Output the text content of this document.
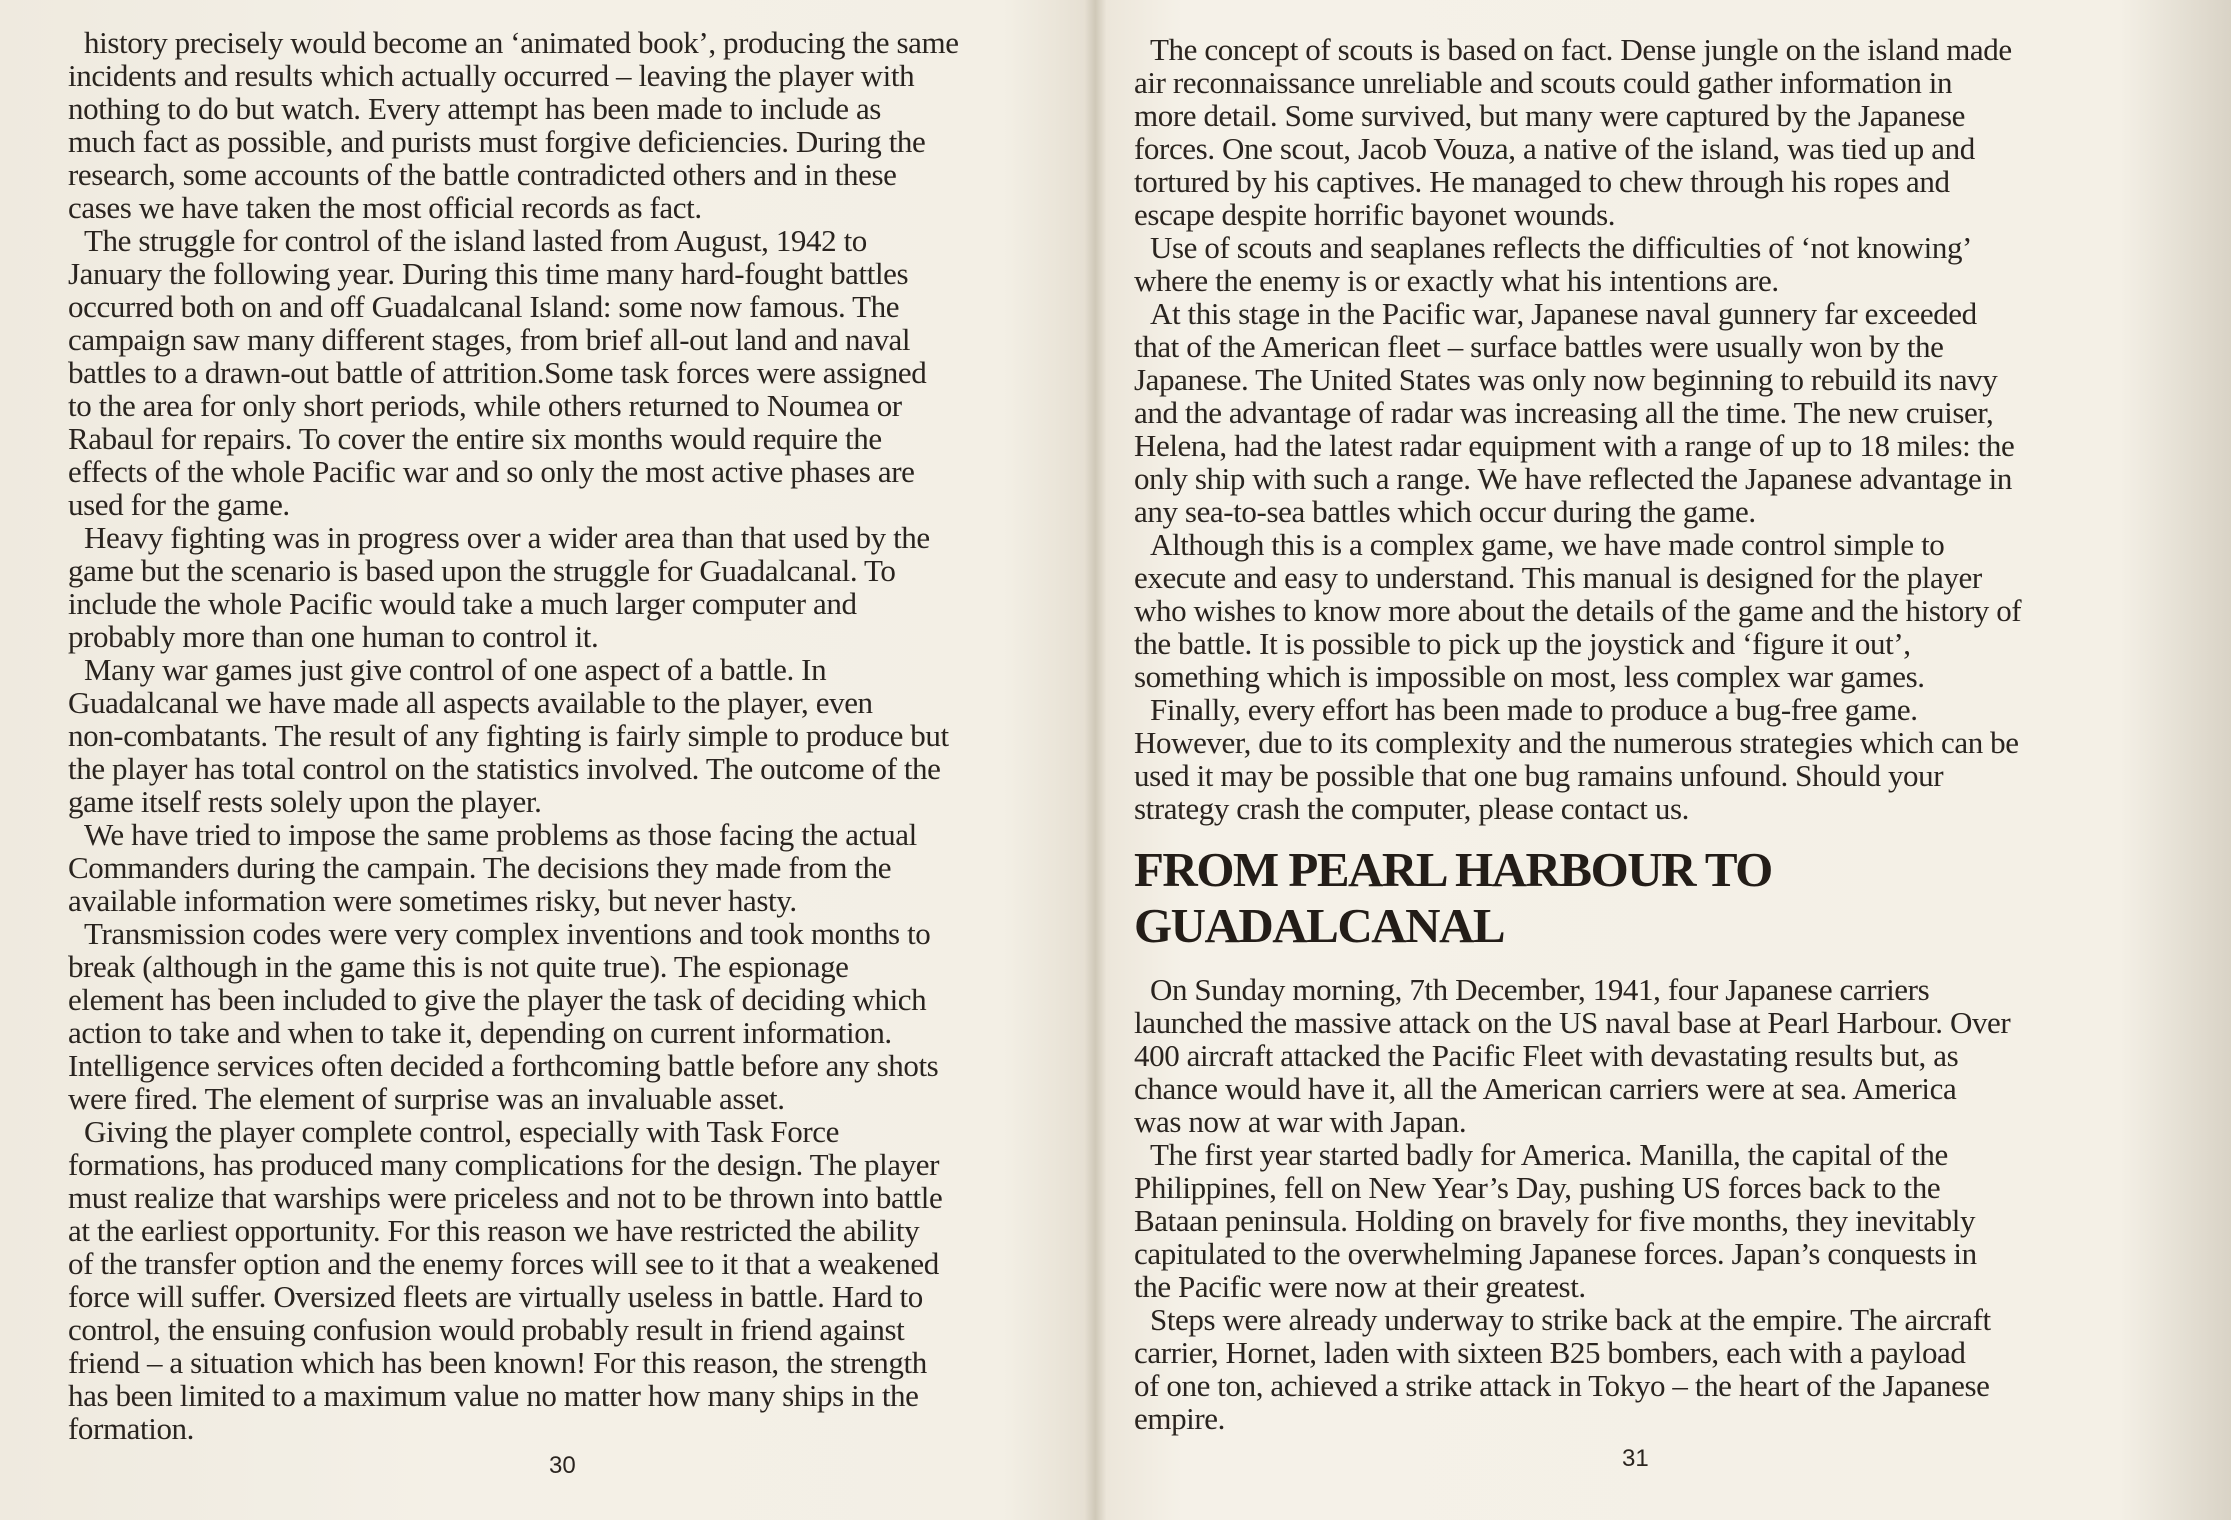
history precisely would become an ‘animated book’, producing the same
incidents and results which actually occurred – leaving the player with
nothing to do but watch. Every attempt has been made to include as
much fact as possible, and purists must forgive deficiencies. During the
research, some accounts of the battle contradicted others and in these
cases we have taken the most official records as fact.
The struggle for control of the island lasted from August, 1942 to
January the following year. During this time many hard-fought battles
occurred both on and off Guadalcanal Island: some now famous. The
campaign saw many different stages, from brief all-out land and naval
battles to a drawn-out battle of attrition.Some task forces were assigned
to the area for only short periods, while others returned to Noumea or
Rabaul for repairs. To cover the entire six months would require the
effects of the whole Pacific war and so only the most active phases are
used for the game.
Heavy fighting was in progress over a wider area than that used by the
game but the scenario is based upon the struggle for Guadalcanal. To
include the whole Pacific would take a much larger computer and
probably more than one human to control it.
Many war games just give control of one aspect of a battle. In
Guadalcanal we have made all aspects available to the player, even
non-combatants. The result of any fighting is fairly simple to produce but
the player has total control on the statistics involved. The outcome of the
game itself rests solely upon the player.
We have tried to impose the same problems as those facing the actual
Commanders during the campain. The decisions they made from the
available information were sometimes risky, but never hasty.
Transmission codes were very complex inventions and took months to
break (although in the game this is not quite true). The espionage
element has been included to give the player the task of deciding which
action to take and when to take it, depending on current information.
Intelligence services often decided a forthcoming battle before any shots
were fired. The element of surprise was an invaluable asset.
Giving the player complete control, especially with Task Force
formations, has produced many complications for the design. The player
must realize that warships were priceless and not to be thrown into battle
at the earliest opportunity. For this reason we have restricted the ability
of the transfer option and the enemy forces will see to it that a weakened
force will suffer. Oversized fleets are virtually useless in battle. Hard to
control, the ensuing confusion would probably result in friend against
friend – a situation which has been known! For this reason, the strength
has been limited to a maximum value no matter how many ships in the
formation.
30
The concept of scouts is based on fact. Dense jungle on the island made
air reconnaissance unreliable and scouts could gather information in
more detail. Some survived, but many were captured by the Japanese
forces. One scout, Jacob Vouza, a native of the island, was tied up and
tortured by his captives. He managed to chew through his ropes and
escape despite horrific bayonet wounds.
Use of scouts and seaplanes reflects the difficulties of ‘not knowing’
where the enemy is or exactly what his intentions are.
At this stage in the Pacific war, Japanese naval gunnery far exceeded
that of the American fleet – surface battles were usually won by the
Japanese. The United States was only now beginning to rebuild its navy
and the advantage of radar was increasing all the time. The new cruiser,
Helena, had the latest radar equipment with a range of up to 18 miles: the
only ship with such a range. We have reflected the Japanese advantage in
any sea-to-sea battles which occur during the game.
Although this is a complex game, we have made control simple to
execute and easy to understand. This manual is designed for the player
who wishes to know more about the details of the game and the history of
the battle. It is possible to pick up the joystick and ‘figure it out’,
something which is impossible on most, less complex war games.
Finally, every effort has been made to produce a bug-free game.
However, due to its complexity and the numerous strategies which can be
used it may be possible that one bug ramains unfound. Should your
strategy crash the computer, please contact us.
FROM PEARL HARBOUR TO
GUADALCANAL
On Sunday morning, 7th December, 1941, four Japanese carriers
launched the massive attack on the US naval base at Pearl Harbour. Over
400 aircraft attacked the Pacific Fleet with devastating results but, as
chance would have it, all the American carriers were at sea. America
was now at war with Japan.
The first year started badly for America. Manilla, the capital of the
Philippines, fell on New Year’s Day, pushing US forces back to the
Bataan peninsula. Holding on bravely for five months, they inevitably
capitulated to the overwhelming Japanese forces. Japan’s conquests in
the Pacific were now at their greatest.
Steps were already underway to strike back at the empire. The aircraft
carrier, Hornet, laden with sixteen B25 bombers, each with a payload
of one ton, achieved a strike attack in Tokyo – the heart of the Japanese
empire.
31
